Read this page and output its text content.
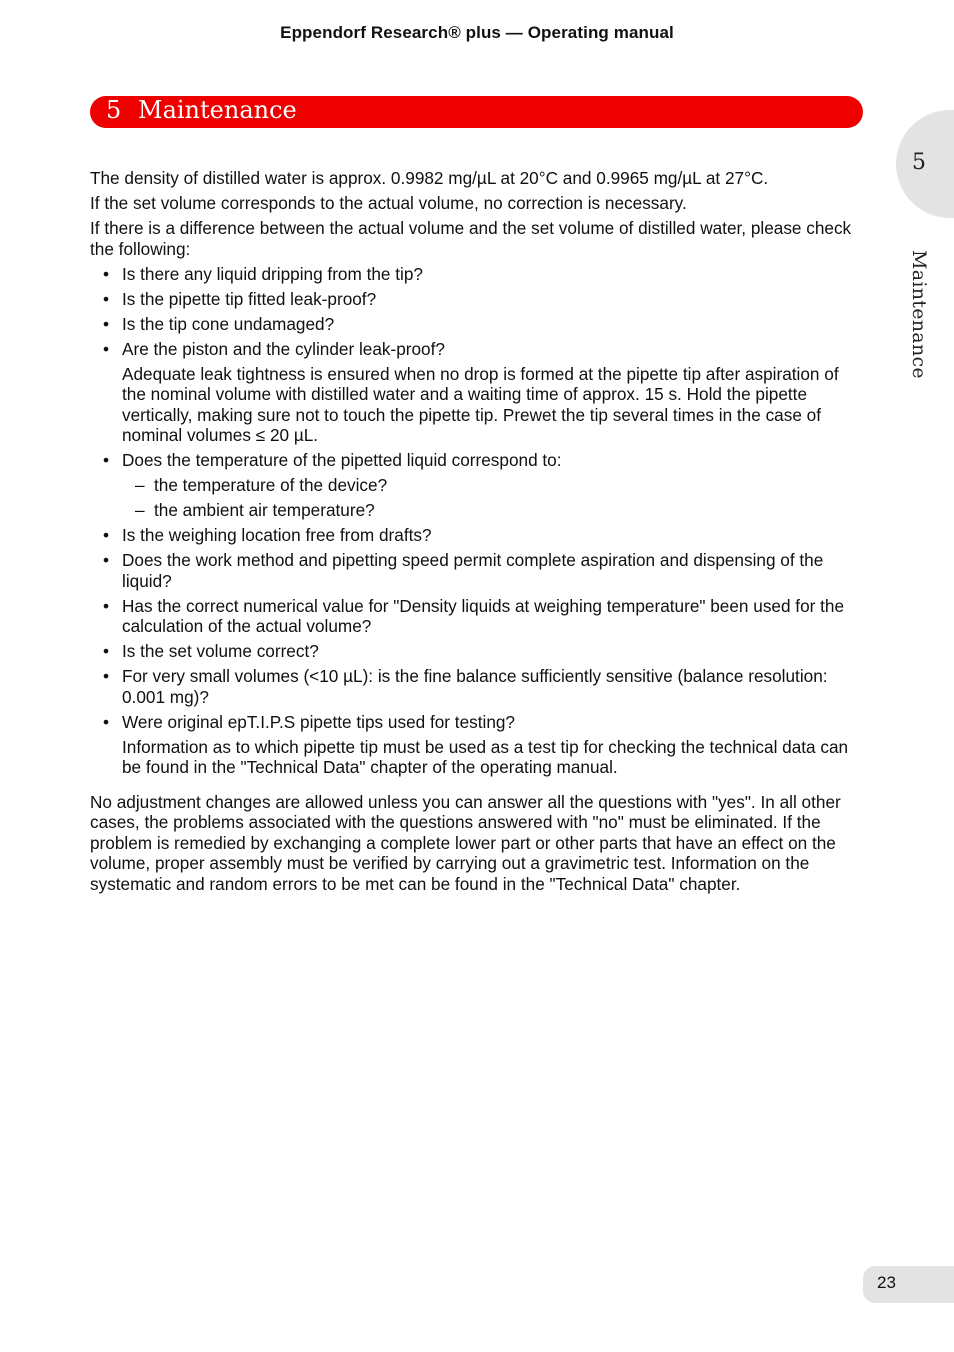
Eppendorf Research® plus — Operating manual
5 Maintenance
5
Maintenance

The density of distilled water is approx. 0.9982 mg/µL at 20°C and 0.9965 mg/µL at 27°C.

If the set volume corresponds to the actual volume, no correction is necessary.

If there is a difference between the actual volume and the set volume of distilled water, please check the following:

• Is there any liquid dripping from the tip?
• Is the pipette tip fitted leak-proof?
• Is the tip cone undamaged?
• Are the piston and the cylinder leak-proof?
Adequate leak tightness is ensured when no drop is formed at the pipette tip after aspiration of the nominal volume with distilled water and a waiting time of approx. 15 s. Hold the pipette vertically, making sure not to touch the pipette tip. Prewet the tip several times in the case of nominal volumes ≤ 20 µL.
• Does the temperature of the pipetted liquid correspond to:
– the temperature of the device?
– the ambient air temperature?
• Is the weighing location free from drafts?
• Does the work method and pipetting speed permit complete aspiration and dispensing of the liquid?
• Has the correct numerical value for "Density liquids at weighing temperature" been used for the calculation of the actual volume?
• Is the set volume correct?
• For very small volumes (<10 µL): is the fine balance sufficiently sensitive (balance resolution: 0.001 mg)?
• Were original epT.I.P.S pipette tips used for testing?
Information as to which pipette tip must be used as a test tip for checking the technical data can be found in the "Technical Data" chapter of the operating manual.

No adjustment changes are allowed unless you can answer all the questions with "yes". In all other cases, the problems associated with the questions answered with "no" must be eliminated. If the problem is remedied by exchanging a complete lower part or other parts that have an effect on the volume, proper assembly must be verified by carrying out a gravimetric test. Information on the systematic and random errors to be met can be found in the "Technical Data" chapter.

23
